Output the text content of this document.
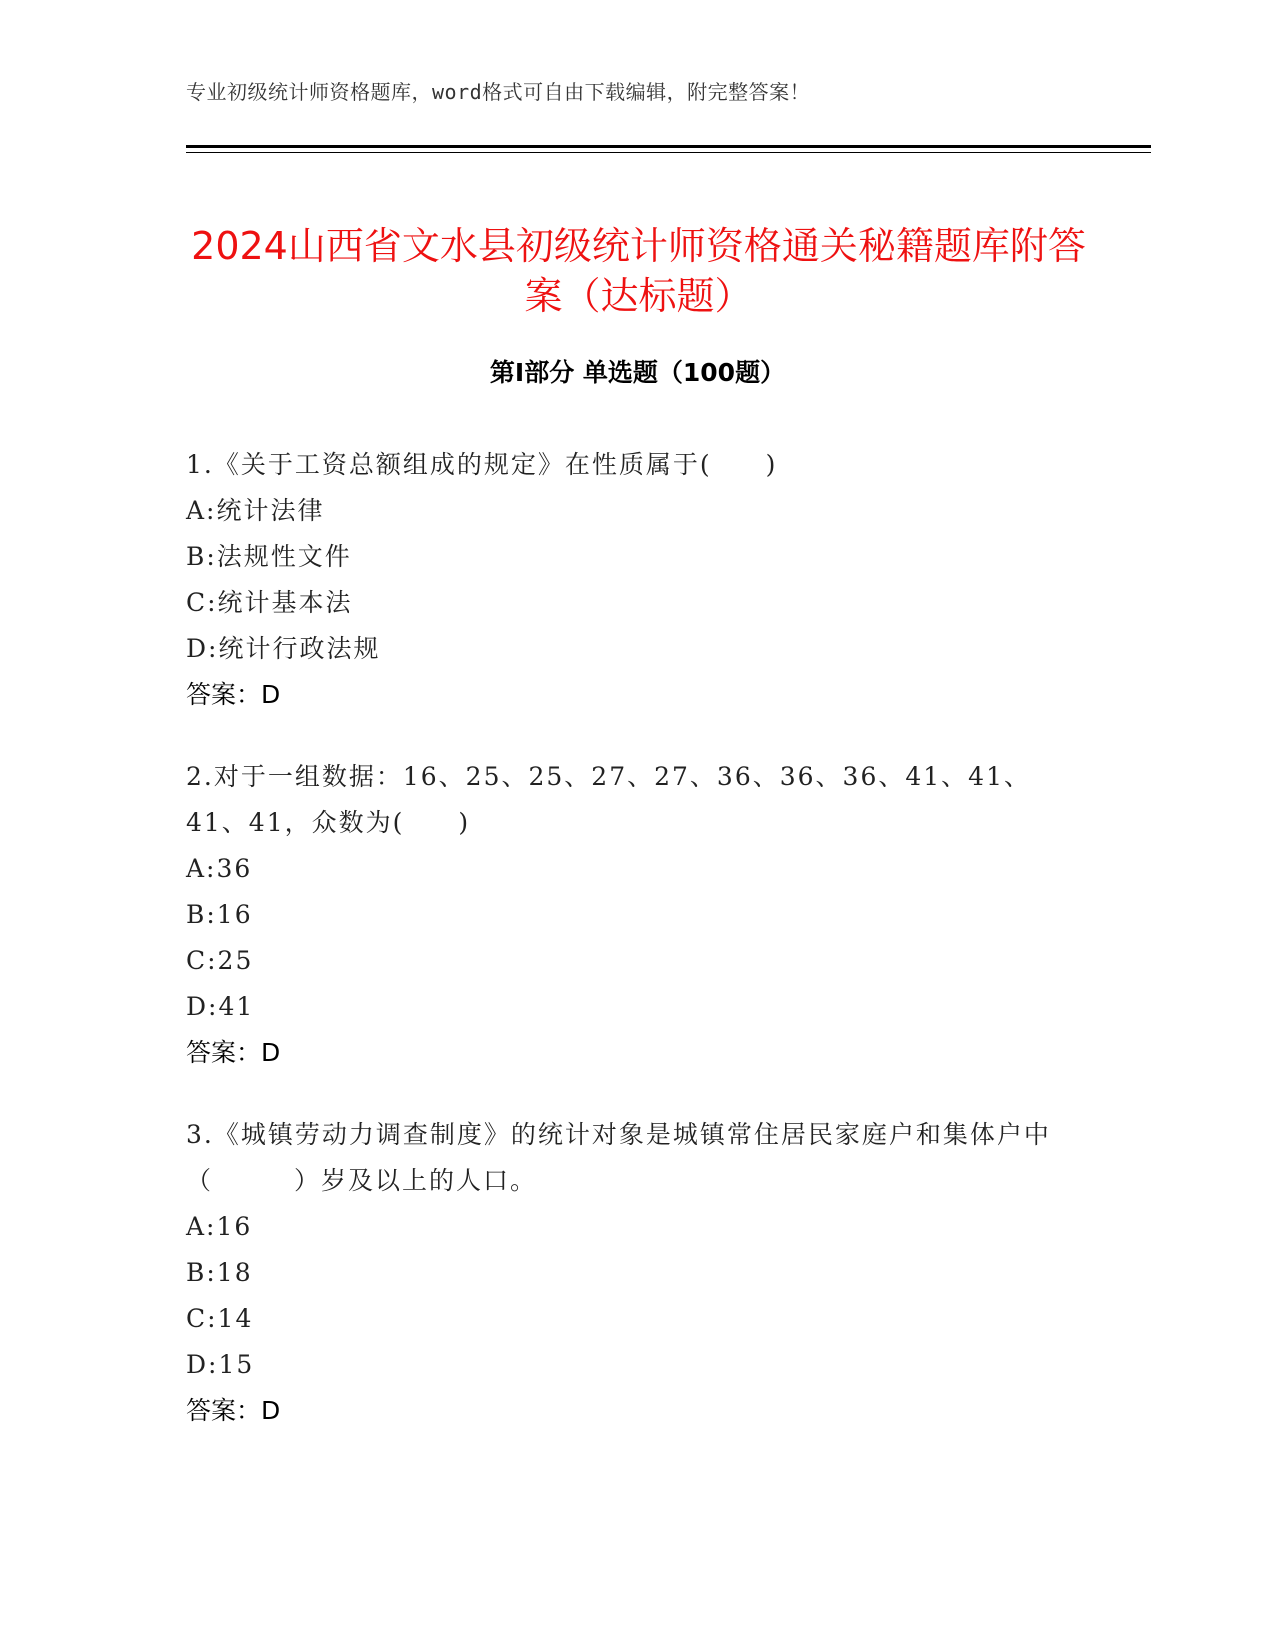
专业初级统计师资格题库，word格式可自由下载编辑，附完整答案！
2024山西省文水县初级统计师资格通关秘籍题库附答案（达标题）
第Ⅰ部分 单选题（100题）
1.《关于工资总额组成的规定》在性质属于(　　)
A:统计法律
B:法规性文件
C:统计基本法
D:统计行政法规
答案：D
2.对于一组数据：16、25、25、27、27、36、36、36、41、41、41、41，众数为(　　)
A:36
B:16
C:25
D:41
答案：D
3.《城镇劳动力调查制度》的统计对象是城镇常住居民家庭户和集体户中（　　　）岁及以上的人口。
A:16
B:18
C:14
D:15
答案：D
